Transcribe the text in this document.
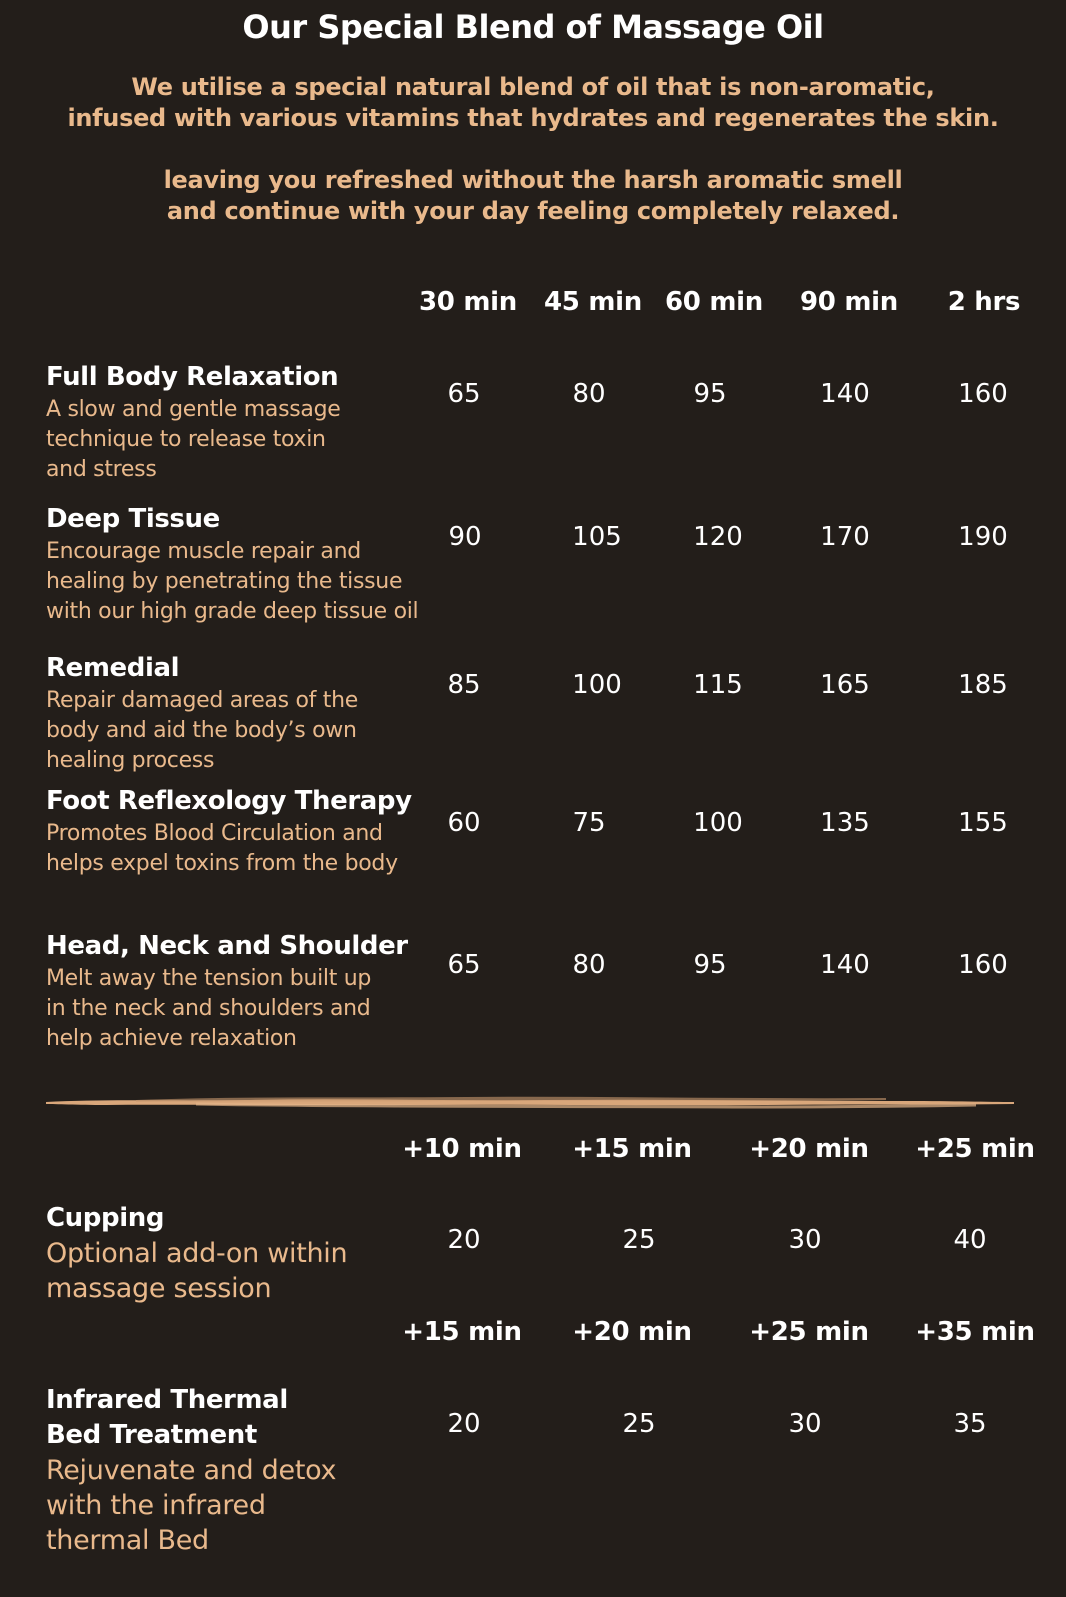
Our Special Blend of Massage Oil

We utilise a special natural blend of oil that is non-aromatic,

infused with various vitamins that hydrates and regenerates the skin.

leaving you refreshed without the harsh aromatic smell

and continue with your day feeling completely relaxed.

30 min	45 min 60 min	90 min	2 hrs
Full Body Relaxation
A slow and gentle massage
technique to release toxin
and stress
65	80	95	140	160
Deep Tissue
Encourage muscle repair and
healing by penetrating the tissue
with our high grade deep tissue oil
90	105	120	170	190
Remedial
Repair damaged areas of the
body and aid the body’s own
healing process
85	100	115	165	185
Foot Reflexology Therapy
Promotes Blood Circulation and
helps expel toxins from the body
60	75	100	135	155
Head, Neck and Shoulder
Melt away the tension built up
in the neck and shoulders and
help achieve relaxation
65	80	95	140	160
+10 min +15 min +20 min +25 min
Cupping
Optional add-on within
massage session
20	25	30	40
+15 min +20 min +25 min +35 min
Infrared Thermal
Bed Treatment
Rejuvenate and detox
with the infrared
thermal Bed
20	25	30	35
